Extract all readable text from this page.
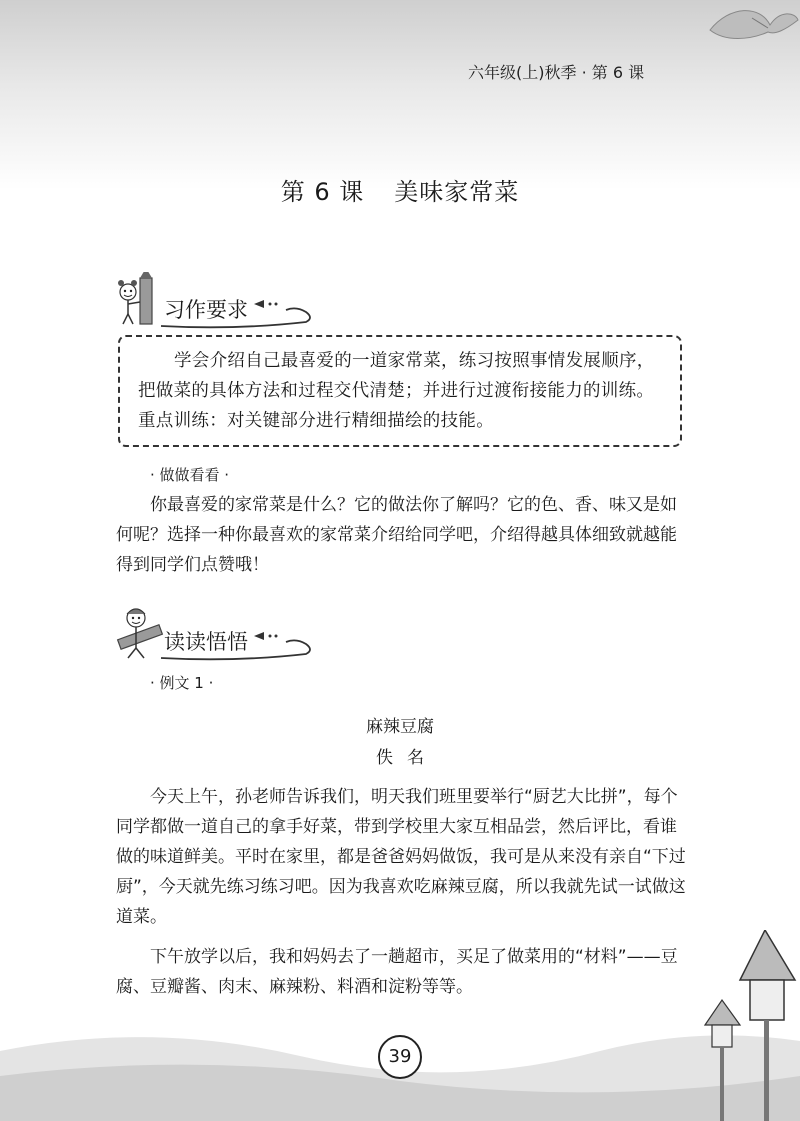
六年级(上)秋季 · 第 6 课
第 6 课 美味家常菜
习作要求
学会介绍自己最喜爱的一道家常菜，练习按照事情发展顺序，把做菜的具体方法和过程交代清楚；并进行过渡衔接能力的训练。重点训练：对关键部分进行精细描绘的技能。
· 做做看看 ·
你最喜爱的家常菜是什么？它的做法你了解吗？它的色、香、味又是如何呢？选择一种你最喜欢的家常菜介绍给同学吧，介绍得越具体细致就越能得到同学们点赞哦！
读读悟悟
· 例文 1 ·
麻辣豆腐
佚名
今天上午，孙老师告诉我们，明天我们班里要举行“厨艺大比拼”，每个同学都做一道自己的拿手好菜，带到学校里大家互相品尝，然后评比，看谁做的味道鲜美。平时在家里，都是爸爸妈妈做饭，我可是从来没有亲自“下过厨”，今天就先练习练习吧。因为我喜欢吃麻辣豆腐，所以我就先试一试做这道菜。
下午放学以后，我和妈妈去了一趟超市，买足了做菜用的“材料”——豆腐、豆瓣酱、肉末、麻辣粉、料酒和淀粉等等。
39
